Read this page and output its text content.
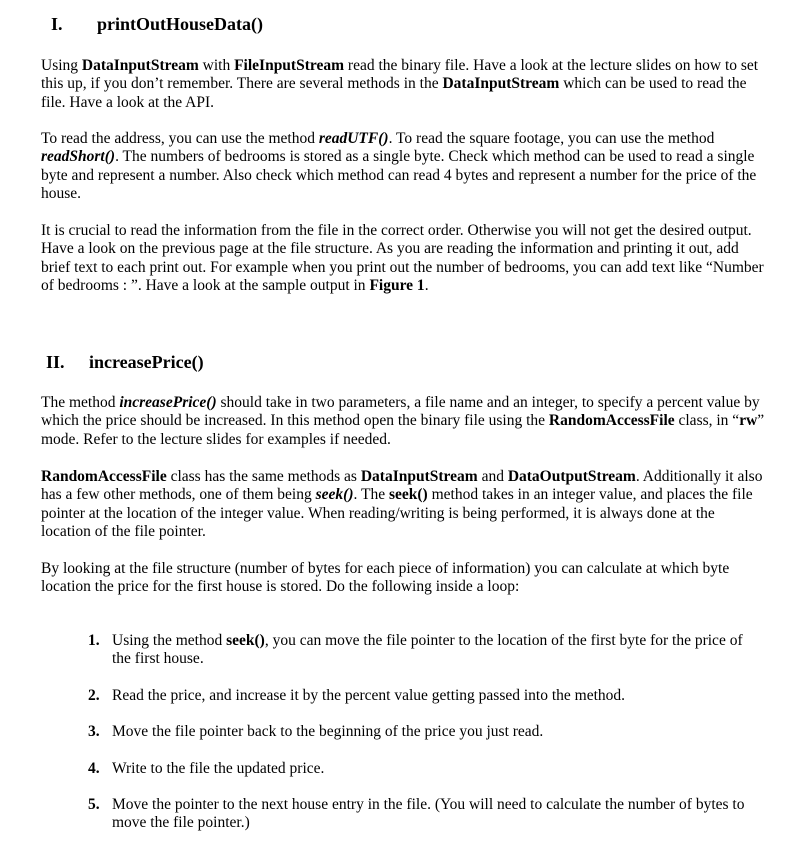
I. printOutHouseData()

Using DataInputStream with FileInputStream read the binary file. Have a look at the lecture slides on how to set this up, if you don’t remember. There are several methods in the DataInputStream which can be used to read the file. Have a look at the API.

To read the address, you can use the method readUTF(). To read the square footage, you can use the method readShort(). The numbers of bedrooms is stored as a single byte. Check which method can be used to read a single byte and represent a number. Also check which method can read 4 bytes and represent a number for the price of the house.

It is crucial to read the information from the file in the correct order. Otherwise you will not get the desired output. Have a look on the previous page at the file structure. As you are reading the information and printing it out, add brief text to each print out. For example when you print out the number of bedrooms, you can add text like “Number of bedrooms : ”. Have a look at the sample output in Figure 1.

II. increasePrice()

The method increasePrice() should take in two parameters, a file name and an integer, to specify a percent value by which the price should be increased. In this method open the binary file using the RandomAccessFile class, in “rw” mode. Refer to the lecture slides for examples if needed.

RandomAccessFile class has the same methods as DataInputStream and DataOutputStream. Additionally it also has a few other methods, one of them being seek(). The seek() method takes in an integer value, and places the file pointer at the location of the integer value. When reading/writing is being performed, it is always done at the location of the file pointer.

By looking at the file structure (number of bytes for each piece of information) you can calculate at which byte location the price for the first house is stored. Do the following inside a loop:

1. Using the method seek(), you can move the file pointer to the location of the first byte for the price of the first house.
2. Read the price, and increase it by the percent value getting passed into the method.
3. Move the file pointer back to the beginning of the price you just read.
4. Write to the file the updated price.
5. Move the pointer to the next house entry in the file. (You will need to calculate the number of bytes to move the file pointer.)
